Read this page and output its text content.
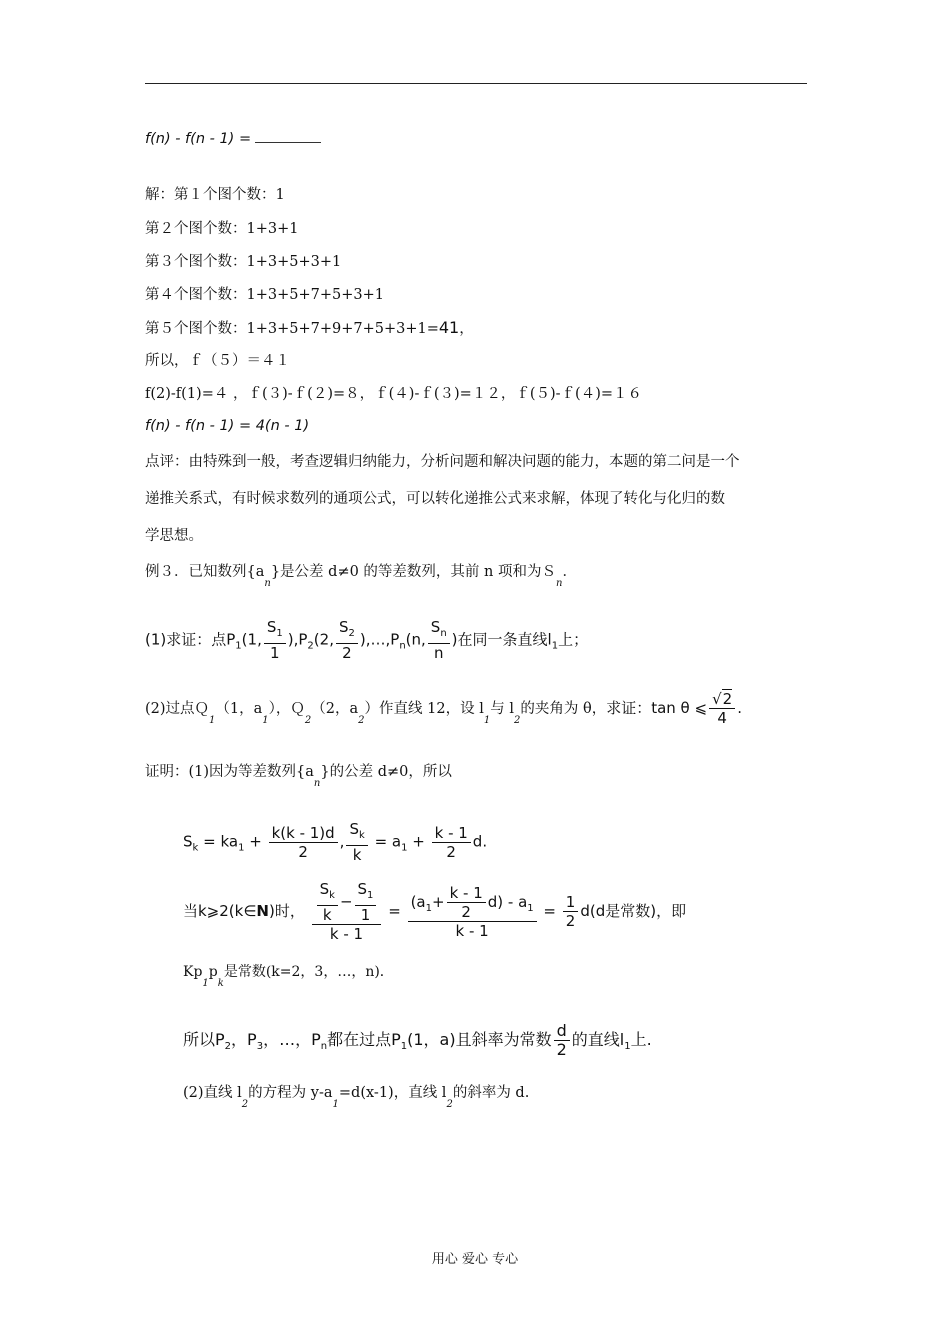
f(n) - f(n - 1) =
解：第１个图个数：1
第２个图个数：1+3+1
第３个图个数：1+3+5+3+1
第４个图个数：1+3+5+7+5+3+1
第５个图个数：1+3+5+7+9+7+5+3+1=41，
所以，ｆ（５）＝４１
f(2)-f(1)=４ ，ｆ(３)-ｆ(２)=８，ｆ(４)-ｆ(３)=１２，ｆ(５)-ｆ(４)=１６
f(n) - f(n - 1) = 4(n - 1)
点评：由特殊到一般，考查逻辑归纳能力，分析问题和解决问题的能力，本题的第二问是一个
递推关系式，有时候求数列的通项公式，可以转化递推公式来求解，体现了转化与化归的数
学思想。
例３．已知数列$\{a_n\}$是公差 d≠0 的等差数列，其前 n 项和为Ｓ$_n$．
(1)求证：点$P_1(1$, $\frac{S_1}{1} ),P_2(2$, $\frac{S_2}{2}$ )$,\dots,P_n(n$, $\frac{S_n}{n}$ )在同一条直线$l_1$上；
(2)过点Ｑ$_1$（1，$a_1$），Ｑ$_2$（2，$a_2$）作直线 12，设 $l_1$与 $l_2$的夹角为 θ，求证：tan θ ⩽ $\frac{√2}{4}$ .
证明：(1)因为等差数列$\{a_n\}$的公差 d≠0，所以
$S_k = ka_1 + \frac{k(k - 1)d}{2}$ , $\frac{S_k}{k} = a_1 + \frac{k - 1}{2} d$.
当k⩾2(k∈N)时， $\frac{\frac{S_k}{k} - \frac{S_1}{1}}{k - 1} = \frac{(a_1+ \frac{k - 1}{2} d) - a_1}{k - 1} = \frac{1}{2} d(d$是常数)，即
$Kp_1p_k$是常数(k=2，3，…，n)．
所以$P_2$，$P_3$，…，$P_n$都在过点$P_1(1$，a)且斜率为常数 $\frac{d}{2}$ 的直线$l_1$上.
(2)直线 $l_2$的方程为 $y-a_1=d(x-1)$，直线 $l_2$的斜率为 d.
用心 爱心 专心
